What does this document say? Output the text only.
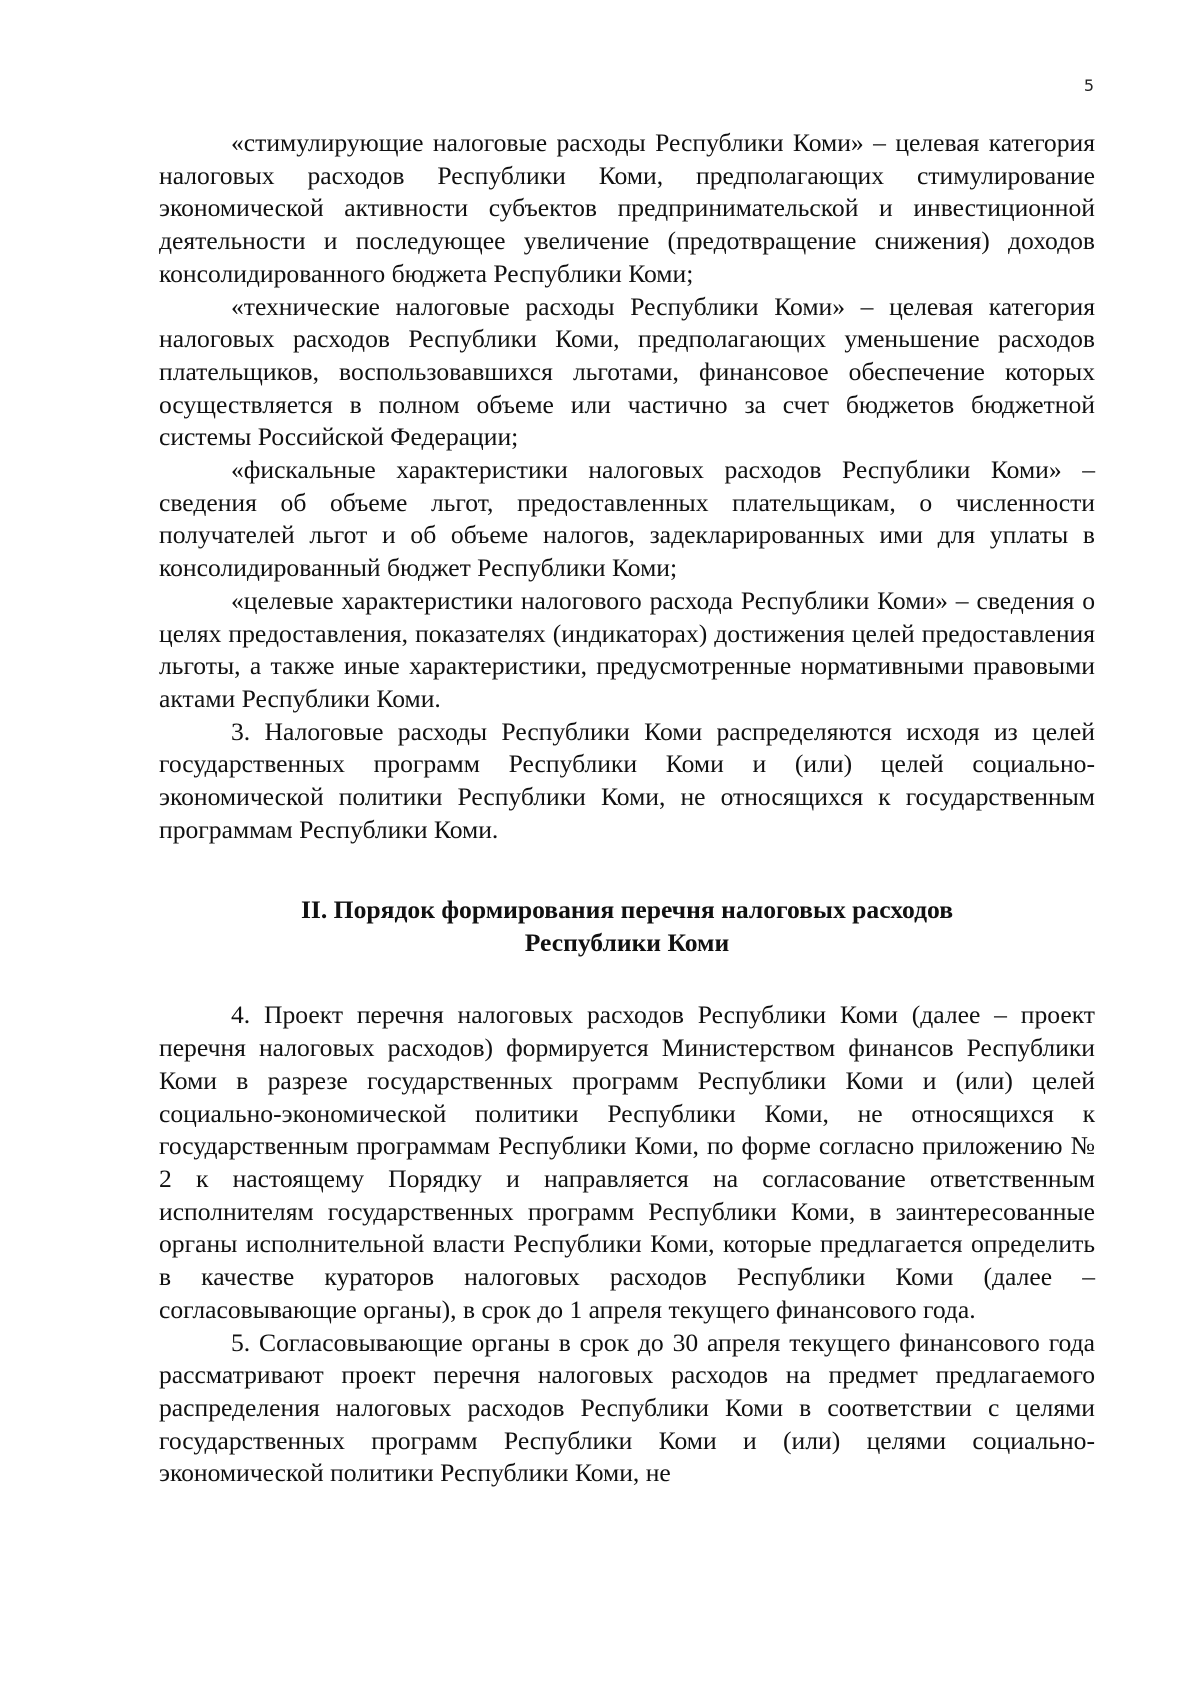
5

«стимулирующие налоговые расходы Республики Коми» – целевая категория налоговых расходов Республики Коми, предполагающих стимулирование экономической активности субъектов предпринимательской и инвестиционной деятельности и последующее увеличение (предотвращение снижения) доходов консолидированного бюджета Республики Коми;

«технические налоговые расходы Республики Коми» – целевая категория налоговых расходов Республики Коми, предполагающих уменьшение расходов плательщиков, воспользовавшихся льготами, финансовое обеспечение которых осуществляется в полном объеме или частично за счет бюджетов бюджетной системы Российской Федерации;

«фискальные характеристики налоговых расходов Республики Коми» – сведения об объеме льгот, предоставленных плательщикам, о численности получателей льгот и об объеме налогов, задекларированных ими для уплаты в консолидированный бюджет Республики Коми;

«целевые характеристики налогового расхода Республики Коми» – сведения о целях предоставления, показателях (индикаторах) достижения целей предоставления льготы, а также иные характеристики, предусмотренные нормативными правовыми актами Республики Коми.

3. Налоговые расходы Республики Коми распределяются исходя из целей государственных программ Республики Коми и (или) целей социально-экономической политики Республики Коми, не относящихся к государственным программам Республики Коми.

II. Порядок формирования перечня налоговых расходов
Республики Коми

4. Проект перечня налоговых расходов Республики Коми (далее – проект перечня налоговых расходов) формируется Министерством финансов Республики Коми в разрезе государственных программ Республики Коми и (или) целей социально-экономической политики Республики Коми, не относящихся к государственным программам Республики Коми, по форме согласно приложению № 2 к настоящему Порядку и направляется на согласование ответственным исполнителям государственных программ Республики Коми, в заинтересованные органы исполнительной власти Республики Коми, которые предлагается определить в качестве кураторов налоговых расходов Республики Коми (далее – согласовывающие органы), в срок до 1 апреля текущего финансового года.

5. Согласовывающие органы в срок до 30 апреля текущего финансового года рассматривают проект перечня налоговых расходов на предмет предлагаемого распределения налоговых расходов Республики Коми в соответствии с целями государственных программ Республики Коми и (или) целями социально-экономической политики Республики Коми, не
